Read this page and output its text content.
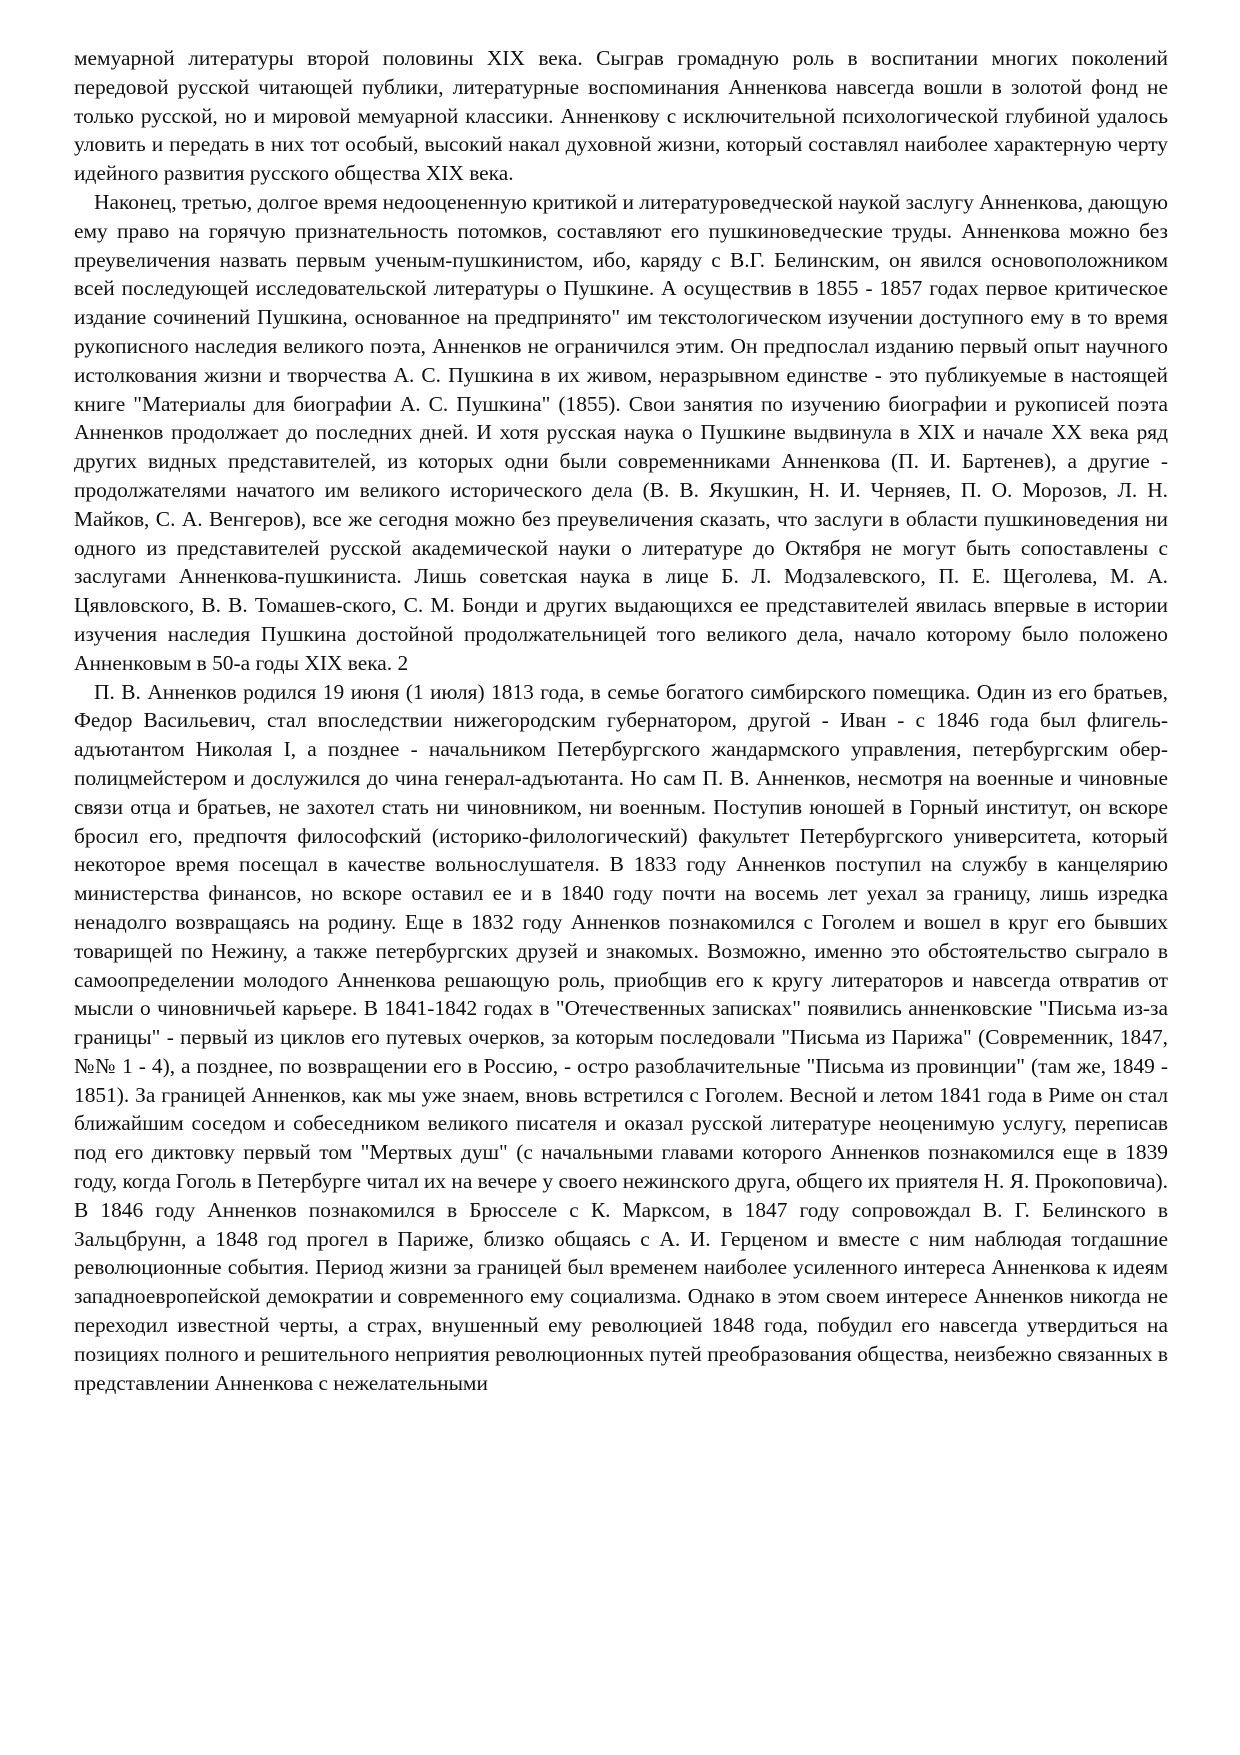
мемуарной литературы второй половины XIX века. Сыграв громадную роль в воспитании многих поколений передовой русской читающей публики, литературные воспоминания Анненкова навсегда вошли в золотой фонд не только русской, но и мировой мемуарной классики. Анненкову с исключительной психологической глубиной удалось уловить и передать в них тот особый, высокий накал духовной жизни, который составлял наиболее характерную черту идейного развития русского общества XIX века.

Наконец, третью, долгое время недооцененную критикой и литературоведческой наукой заслугу Анненкова, дающую ему право на горячую признательность потомков, составляют его пушкиноведческие труды. Анненкова можно без преувеличения назвать первым ученым-пушкинистом, ибо, каряду с В.Г. Белинским, он явился основоположником всей последующей исследовательской литературы о Пушкине. А осуществив в 1855 - 1857 годах первое критическое издание сочинений Пушкина, основанное на предпринято" им текстологическом изучении доступного ему в то время рукописного наследия великого поэта, Анненков не ограничился этим. Он предпослал изданию первый опыт научного истолкования жизни и творчества А. С. Пушкина в их живом, неразрывном единстве - это публикуемые в настоящей книге "Материалы для биографии А. С. Пушкина" (1855). Свои занятия по изучению биографии и рукописей поэта Анненков продолжает до последних дней. И хотя русская наука о Пушкине выдвинула в XIX и начале XX века ряд других видных представителей, из которых одни были современниками Анненкова (П. И. Бартенев), а другие - продолжателями начатого им великого исторического дела (В. В. Якушкин, Н. И. Черняев, П. О. Морозов, Л. Н. Майков, С. А. Венгеров), все же сегодня можно без преувеличения сказать, что заслуги в области пушкиноведения ни одного из представителей русской академической науки о литературе до Октября не могут быть сопоставлены с заслугами Анненкова-пушкиниста. Лишь советская наука в лице Б. Л. Модзалевского, П. Е. Щеголева, М. А. Цявловского, В. В. Томашев-ского, С. М. Бонди и других выдающихся ее представителей явилась впервые в истории изучения наследия Пушкина достойной продолжательницей того великого дела, начало которому было положено Анненковым в 50-а годы XIX века. 2

П. В. Анненков родился 19 июня (1 июля) 1813 года, в семье богатого симбирского помещика. Один из его братьев, Федор Васильевич, стал впоследствии нижегородским губернатором, другой - Иван - с 1846 года был флигель-адъютантом Николая I, а позднее - начальником Петербургского жандармского управления, петербургским обер-полицмейстером и дослужился до чина генерал-адъютанта. Но сам П. В. Анненков, несмотря на военные и чиновные связи отца и братьев, не захотел стать ни чиновником, ни военным. Поступив юношей в Горный институт, он вскоре бросил его, предпочтя философский (историко-филологический) факультет Петербургского университета, который некоторое время посещал в качестве вольнослушателя. В 1833 году Анненков поступил на службу в канцелярию министерства финансов, но вскоре оставил ее и в 1840 году почти на восемь лет уехал за границу, лишь изредка ненадолго возвращаясь на родину. Еще в 1832 году Анненков познакомился с Гоголем и вошел в круг его бывших товарищей по Нежину, а также петербургских друзей и знакомых. Возможно, именно это обстоятельство сыграло в самоопределении молодого Анненкова решающую роль, приобщив его к кругу литераторов и навсегда отвратив от мысли о чиновничьей карьере. В 1841-1842 годах в "Отечественных записках" появились анненковские "Письма из-за границы" - первый из циклов его путевых очерков, за которым последовали "Письма из Парижа" (Современник, 1847, №№ 1 - 4), а позднее, по возвращении его в Россию, - остро разоблачительные "Письма из провинции" (там же, 1849 - 1851). За границей Анненков, как мы уже знаем, вновь встретился с Гоголем. Весной и летом 1841 года в Риме он стал ближайшим соседом и собеседником великого писателя и оказал русской литературе неоценимую услугу, переписав под его диктовку первый том "Мертвых душ" (с начальными главами которого Анненков познакомился еще в 1839 году, когда Гоголь в Петербурге читал их на вечере у своего нежинского друга, общего их приятеля Н. Я. Прокоповича). В 1846 году Анненков познакомился в Брюсселе с К. Марксом, в 1847 году сопровождал В. Г. Белинского в Зальцбрунн, а 1848 год прогел в Париже, близко общаясь с А. И. Герценом и вместе с ним наблюдая тогдашние революционные события. Период жизни за границей был временем наиболее усиленного интереса Анненкова к идеям западноевропейской демократии и современного ему социализма. Однако в этом своем интересе Анненков никогда не переходил известной черты, а страх, внушенный ему революцией 1848 года, побудил его навсегда утвердиться на позициях полного и решительного неприятия революционных путей преобразования общества, неизбежно связанных в представлении Анненкова с нежелательными
